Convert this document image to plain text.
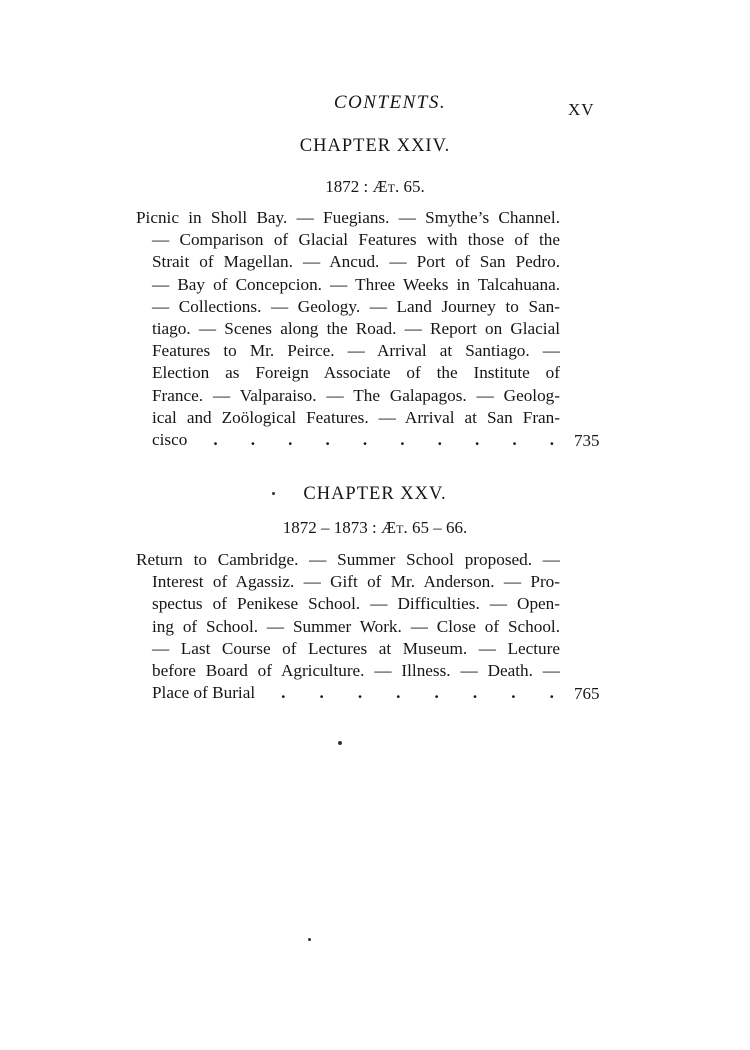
CONTENTS.	XV
CHAPTER XXIV.
1872 : Æt. 65.
Picnic in Sholl Bay. — Fuegians. — Smythe’s Channel.
— Comparison of Glacial Features with those of the
Strait of Magellan. — Ancud. — Port of San Pedro.
— Bay of Concepcion. — Three Weeks in Talcahuana.
— Collections. — Geology. — Land Journey to San-
tiago. — Scenes along the Road. — Report on Glacial
Features to Mr. Peirce. — Arrival at Santiago. —
Election as Foreign Associate of the Institute of
France. — Valparaiso. — The Galapagos. — Geolog-
ical and Zoölogical Features. — Arrival at San Fran-
cisco . . . . . . . . . . 735
CHAPTER XXV.
1872 – 1873 : Æt. 65 – 66.
Return to Cambridge. — Summer School proposed. —
Interest of Agassiz. — Gift of Mr. Anderson. — Pro-
spectus of Penikese School. — Difficulties. — Open-
ing of School. — Summer Work. — Close of School.
— Last Course of Lectures at Museum. — Lecture
before Board of Agriculture. — Illness. — Death. —
Place of Burial . . . . . . . . 765
